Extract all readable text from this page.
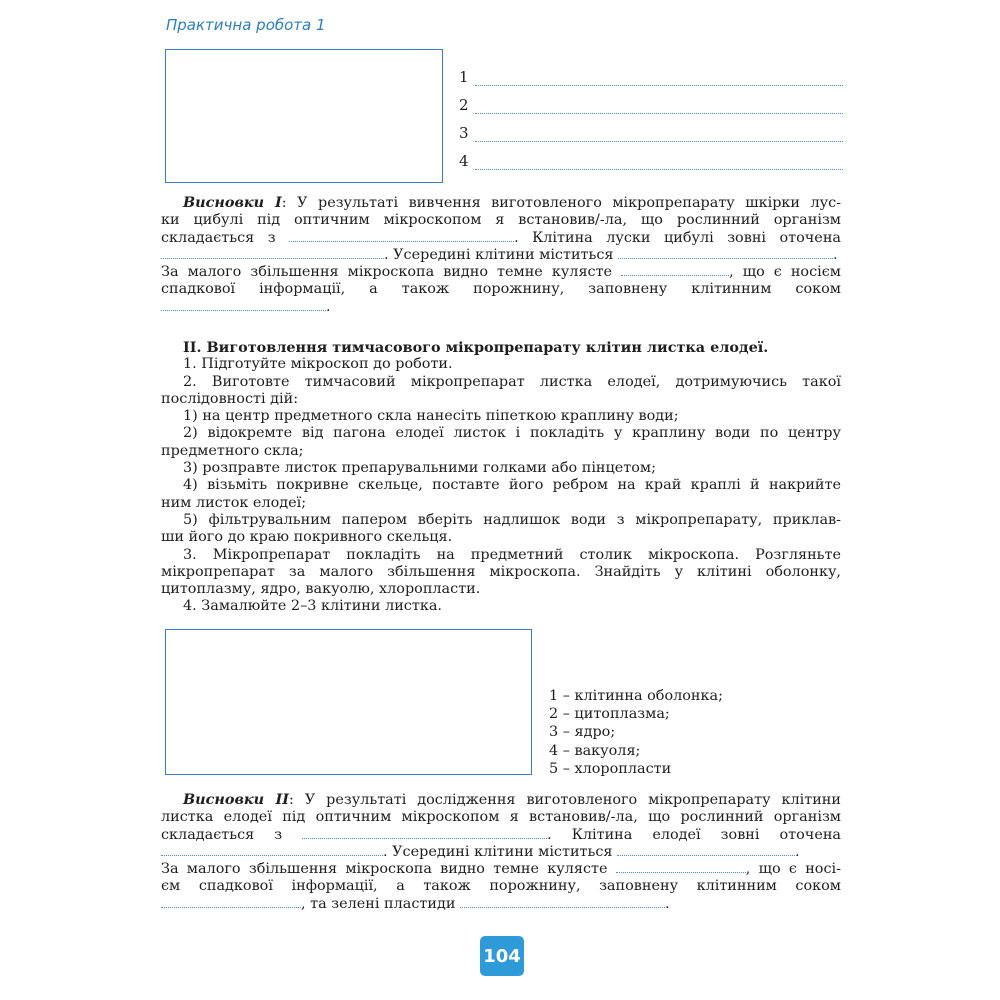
Практична робота 1
1
2
3
4
Висновки I: У результаті вивчення виготовленого мікропрепарату шкірки лус-
ки цибулі під оптичним мікроскопом я встановив/-ла, що рослинний організм
складається з	. Клітина луски цибулі зовні оточена
. Усередині клітини міститься	.
За малого збільшення мікроскопа видно темне кулясте	, що є носієм
спадкової інформації, а також порожнину, заповнену клітинним соком
.
II. Виготовлення тимчасового мікропрепарату клітин листка елодеї.
1. Підготуйте мікроскоп до роботи.
2. Виготовте тимчасовий мікропрепарат листка елодеї, дотримуючись такої
послідовності дій:
1) на центр предметного скла нанесіть піпеткою краплину води;
2) відокремте від пагона елодеї листок і покладіть у краплину води по центру
предметного скла;
3) розправте листок препарувальними голками або пінцетом;
4) візьміть покривне скельце, поставте його ребром на край краплі й накрийте
ним листок елодеї;
5) фільтрувальним папером вберіть надлишок води з мікропрепарату, приклав-
ши його до краю покривного скельця.
3. Мікропрепарат покладіть на предметний столик мікроскопа. Розгляньте
мікропрепарат за малого збільшення мікроскопа. Знайдіть у клітині оболонку,
цитоплазму, ядро, вакуолю, хлоропласти.
4. Замалюйте 2–3 клітини листка.
1 – клітинна оболонка;
2 – цитоплазма;
3 – ядро;
4 – вакуоля;
5 – хлоропласти
Висновки II: У результаті дослідження виготовленого мікропрепарату клітини
листка елодеї під оптичним мікроскопом я встановив/-ла, що рослинний організм
складається з	. Клітина елодеї зовні оточена
. Усередині клітини міститься	.
За малого збільшення мікроскопа видно темне кулясте	, що є носі-
єм спадкової інформації, а також порожнину, заповнену клітинним соком
, та зелені пластиди	.
104
